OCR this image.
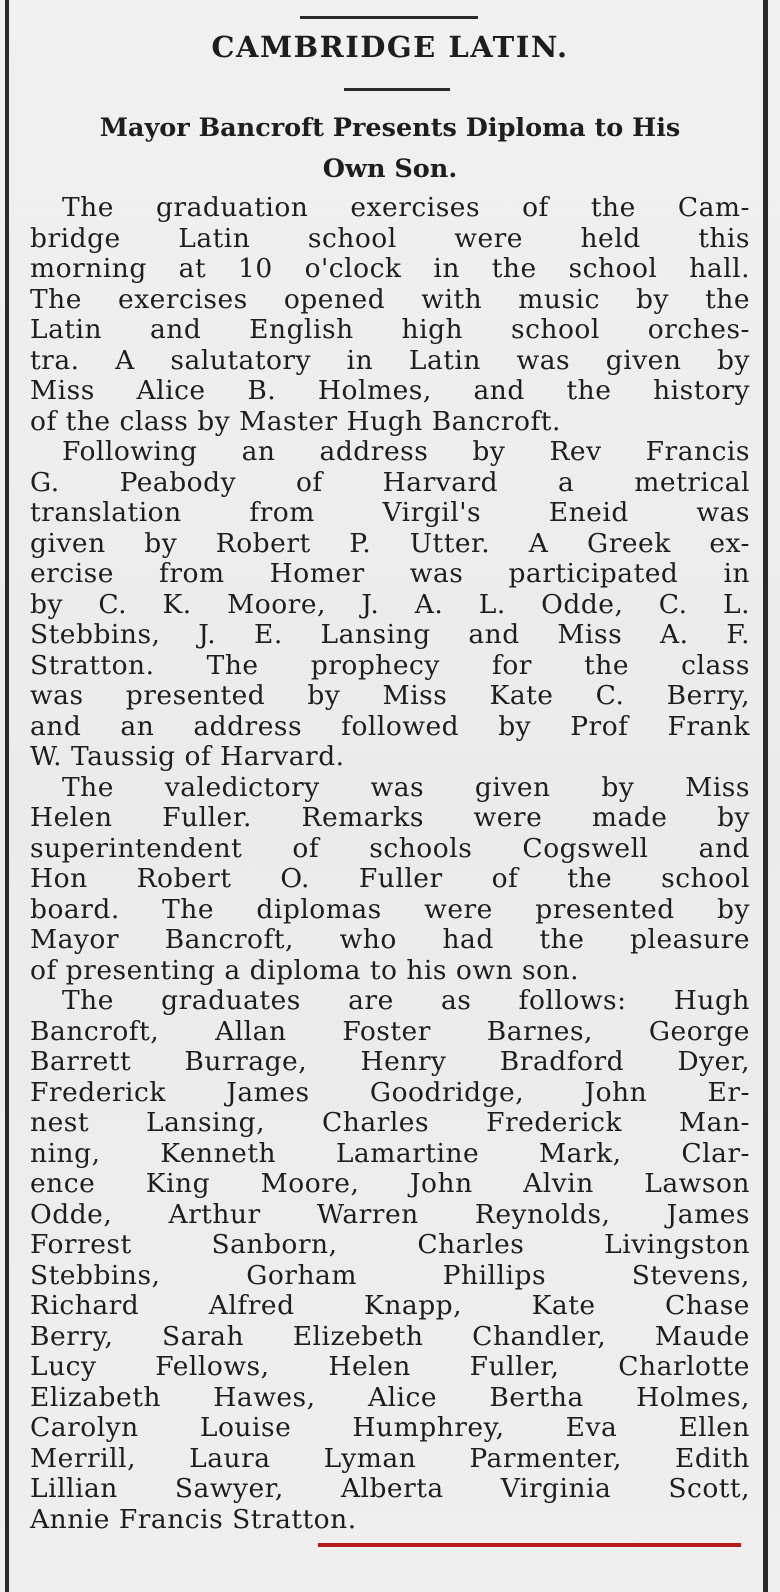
CAMBRIDGE LATIN.
Mayor Bancroft Presents Diploma to His
Own Son.
The graduation exercises of the Cam-
bridge Latin school were held this
morning at 10 o'clock in the school hall.
The exercises opened with music by the
Latin and English high school orches-
tra. A salutatory in Latin was given by
Miss Alice B. Holmes, and the history
of the class by Master Hugh Bancroft.
Following an address by Rev Francis
G. Peabody of Harvard a metrical
translation from Virgil's Eneid was
given by Robert P. Utter. A Greek ex-
ercise from Homer was participated in
by C. K. Moore, J. A. L. Odde, C. L.
Stebbins, J. E. Lansing and Miss A. F.
Stratton. The prophecy for the class
was presented by Miss Kate C. Berry,
and an address followed by Prof Frank
W. Taussig of Harvard.
The valedictory was given by Miss
Helen Fuller. Remarks were made by
superintendent of schools Cogswell and
Hon Robert O. Fuller of the school
board. The diplomas were presented by
Mayor Bancroft, who had the pleasure
of presenting a diploma to his own son.
The graduates are as follows: Hugh
Bancroft, Allan Foster Barnes, George
Barrett Burrage, Henry Bradford Dyer,
Frederick James Goodridge, John Er-
nest Lansing, Charles Frederick Man-
ning, Kenneth Lamartine Mark, Clar-
ence King Moore, John Alvin Lawson
Odde, Arthur Warren Reynolds, James
Forrest Sanborn, Charles Livingston
Stebbins, Gorham Phillips Stevens,
Richard Alfred Knapp, Kate Chase
Berry, Sarah Elizebeth Chandler, Maude
Lucy Fellows, Helen Fuller, Charlotte
Elizabeth Hawes, Alice Bertha Holmes,
Carolyn Louise Humphrey, Eva Ellen
Merrill, Laura Lyman Parmenter, Edith
Lillian Sawyer, Alberta Virginia Scott,
Annie Francis Stratton.
